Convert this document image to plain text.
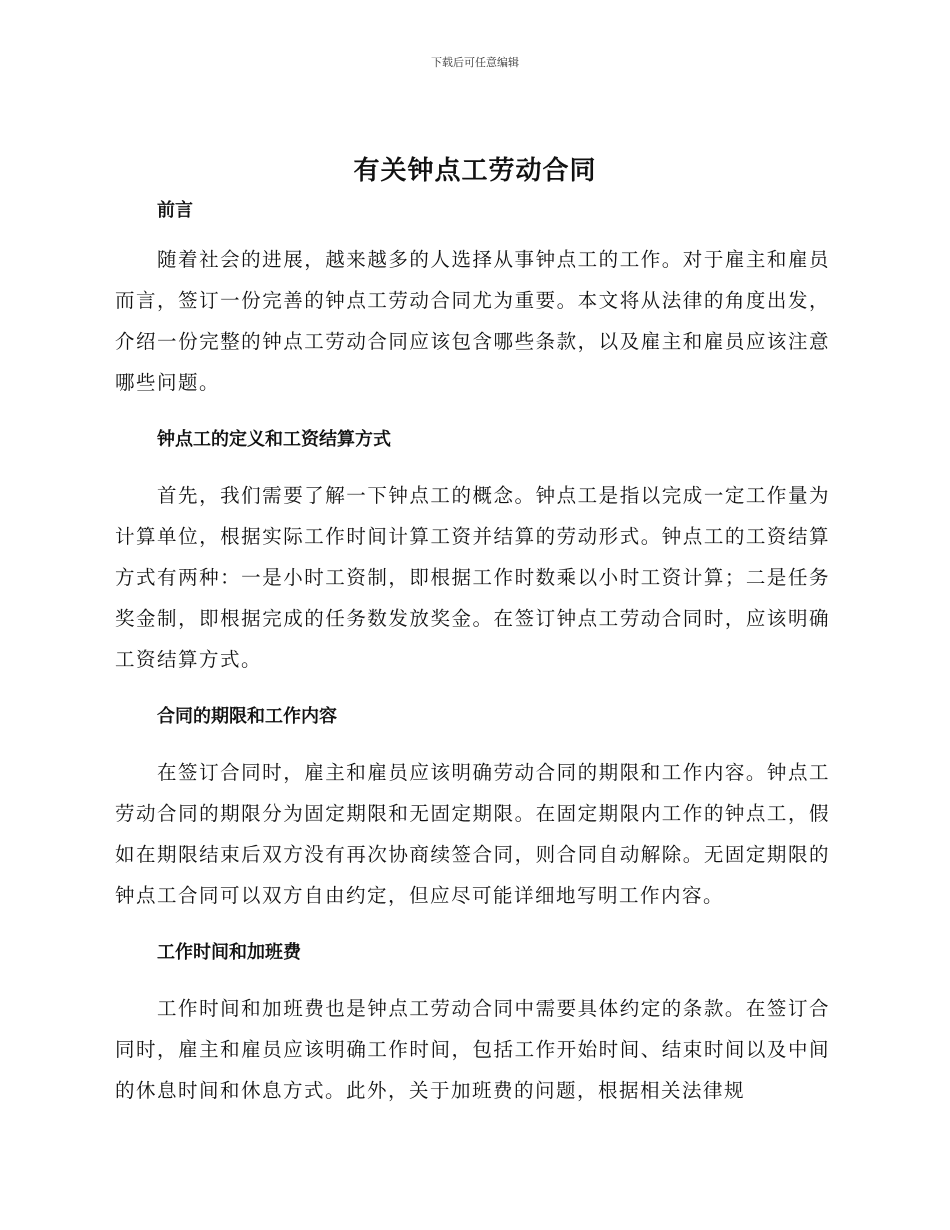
下载后可任意编辑
有关钟点工劳动合同

前言

随着社会的进展，越来越多的人选择从事钟点工的工作。对于雇主和雇员而言，签订一份完善的钟点工劳动合同尤为重要。本文将从法律的角度出发，介绍一份完整的钟点工劳动合同应该包含哪些条款，以及雇主和雇员应该注意哪些问题。

钟点工的定义和工资结算方式

首先，我们需要了解一下钟点工的概念。钟点工是指以完成一定工作量为计算单位，根据实际工作时间计算工资并结算的劳动形式。钟点工的工资结算方式有两种：一是小时工资制，即根据工作时数乘以小时工资计算；二是任务奖金制，即根据完成的任务数发放奖金。在签订钟点工劳动合同时，应该明确工资结算方式。

合同的期限和工作内容

在签订合同时，雇主和雇员应该明确劳动合同的期限和工作内容。钟点工劳动合同的期限分为固定期限和无固定期限。在固定期限内工作的钟点工，假如在期限结束后双方没有再次协商续签合同，则合同自动解除。无固定期限的钟点工合同可以双方自由约定，但应尽可能详细地写明工作内容。

工作时间和加班费

工作时间和加班费也是钟点工劳动合同中需要具体约定的条款。在签订合同时，雇主和雇员应该明确工作时间，包括工作开始时间、结束时间以及中间的休息时间和休息方式。此外，关于加班费的问题，根据相关法律规
